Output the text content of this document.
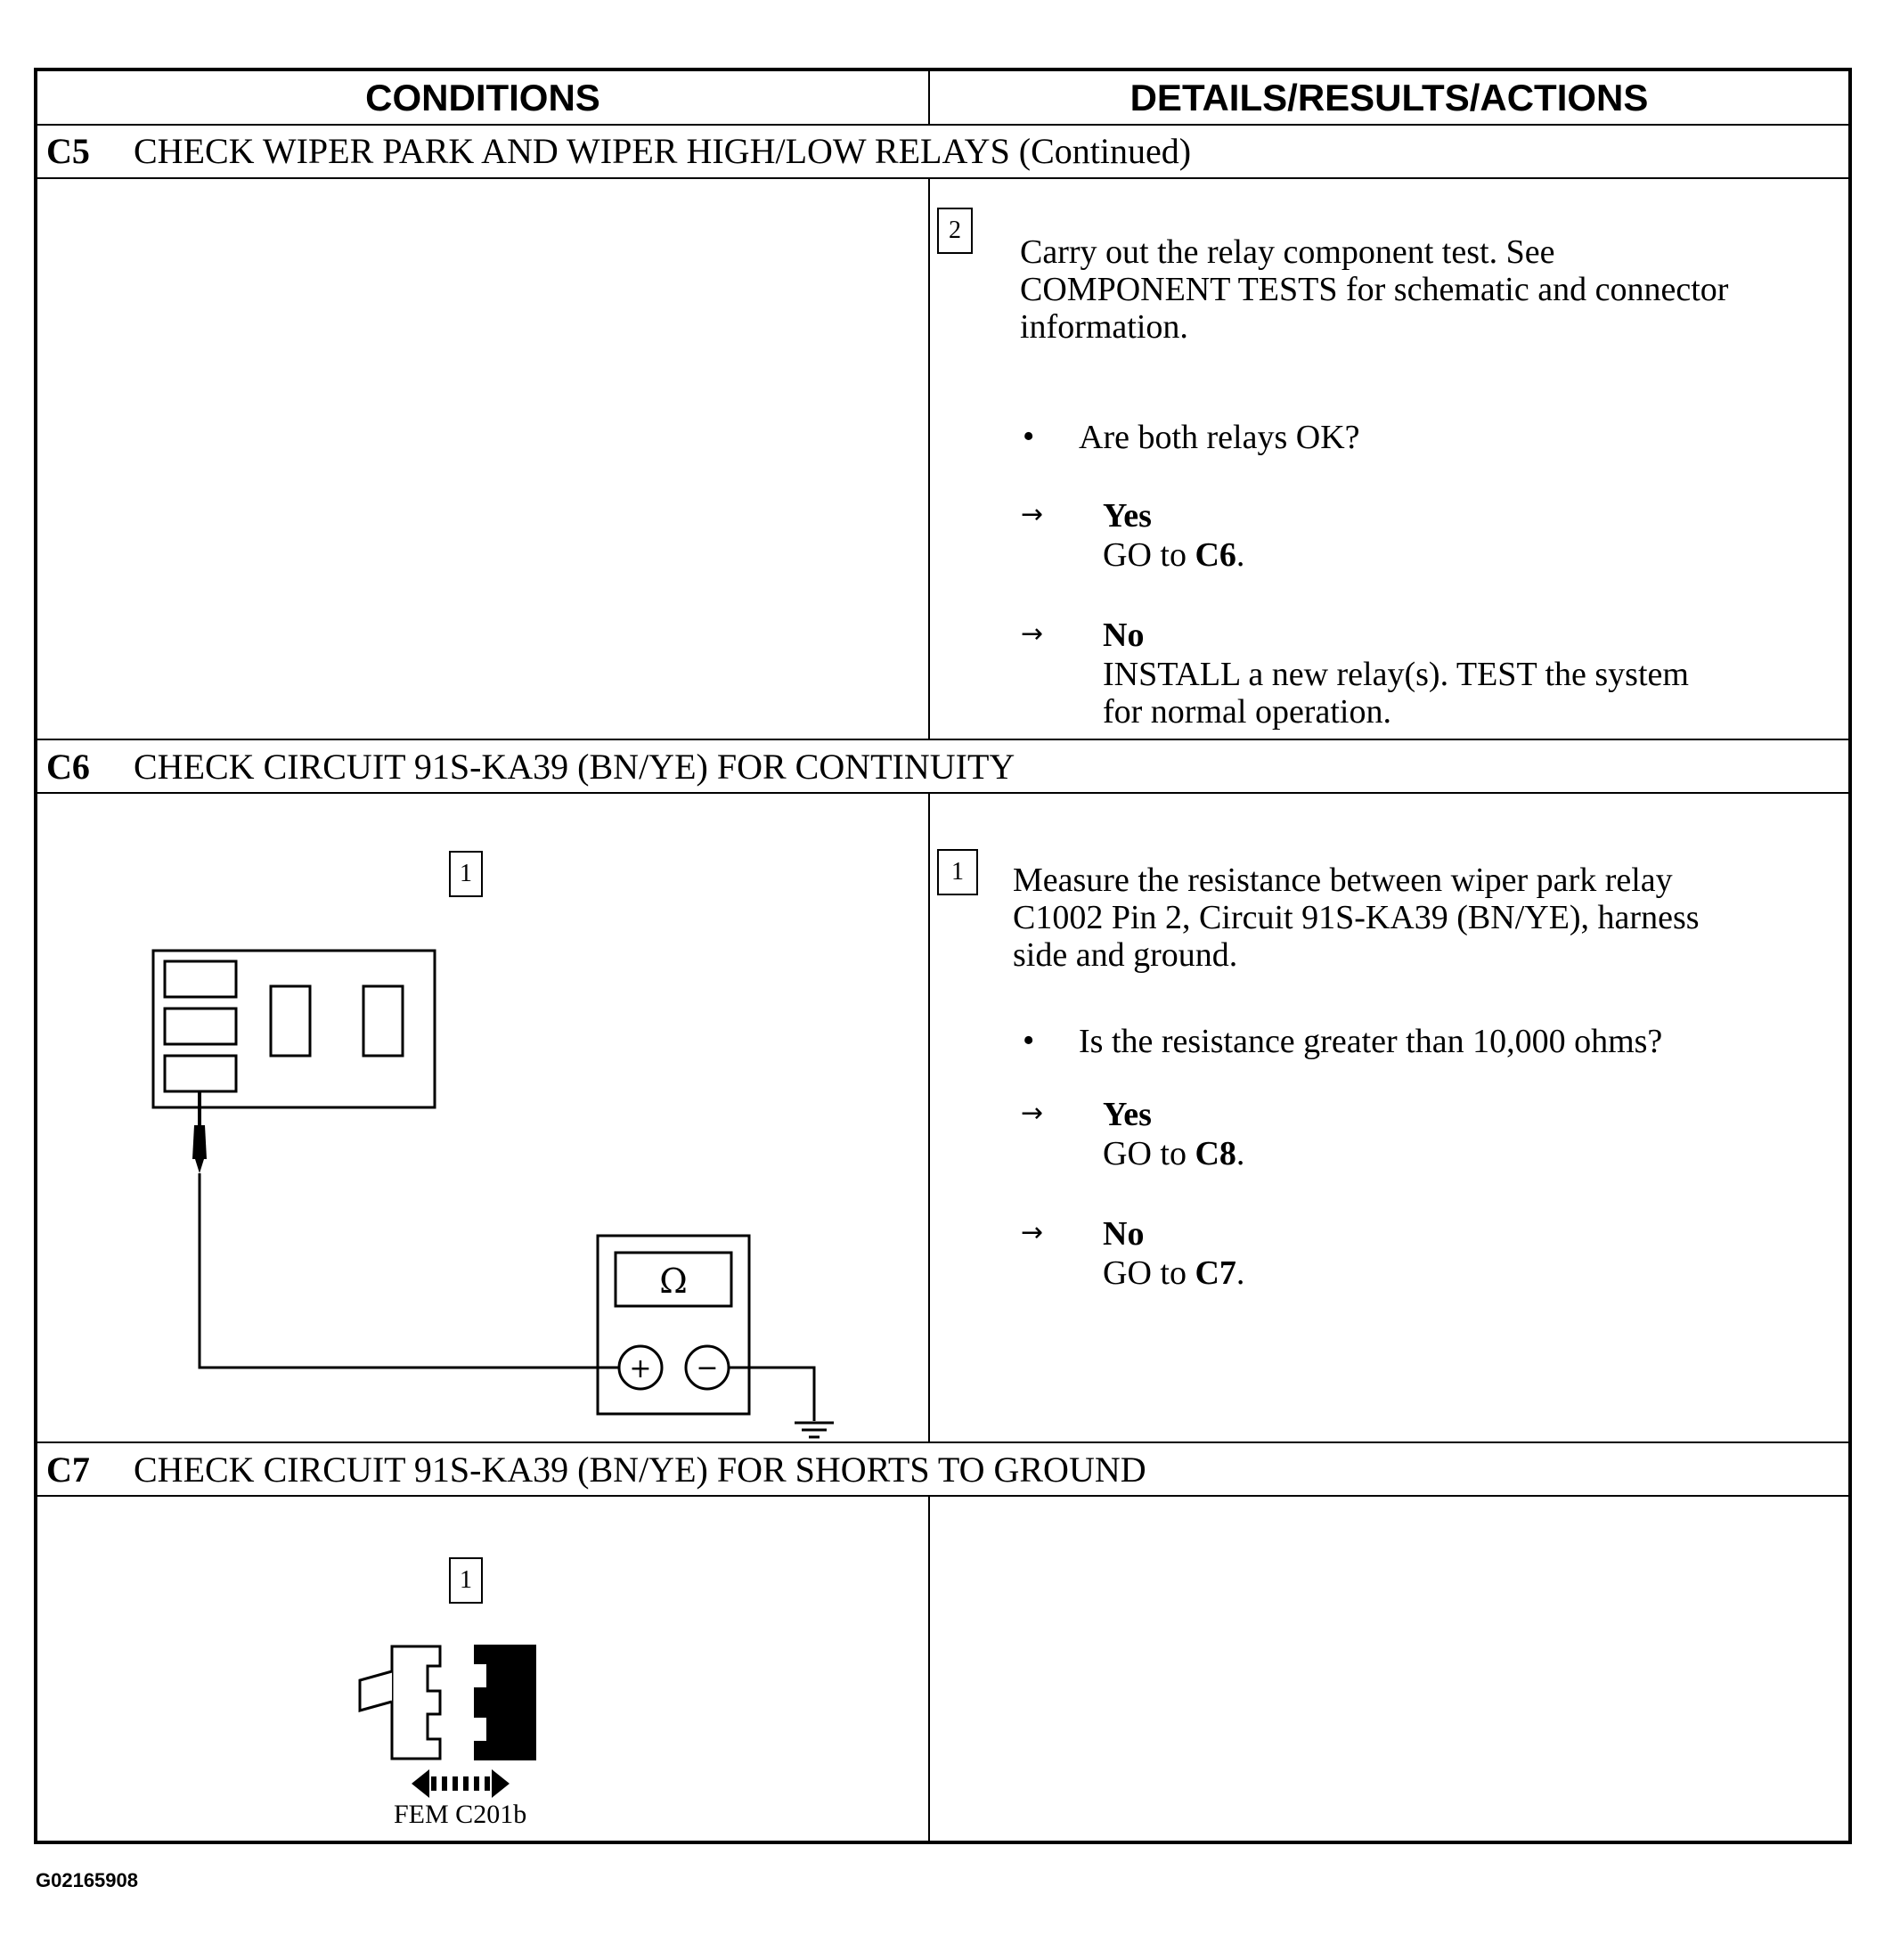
CONDITIONS	DETAILS/RESULTS/ACTIONS
C5	CHECK WIPER PARK AND WIPER HIGH/LOW RELAYS (Continued)
2
Carry out the relay component test. See
COMPONENT TESTS for schematic and connector
information.
• Are both relays OK?
→ Yes
GO to C6.
→ No
INSTALL a new relay(s). TEST the system
for normal operation.
C6	CHECK CIRCUIT 91S-KA39 (BN/YE) FOR CONTINUITY
1
Ω
+ −
1	Measure the resistance between wiper park relay
C1002 Pin 2, Circuit 91S-KA39 (BN/YE), harness
side and ground.
• Is the resistance greater than 10,000 ohms?
→ Yes
GO to C8.
→ No
GO to C7.
C7	CHECK CIRCUIT 91S-KA39 (BN/YE) FOR SHORTS TO GROUND
1
FEM C201b
G02165908
